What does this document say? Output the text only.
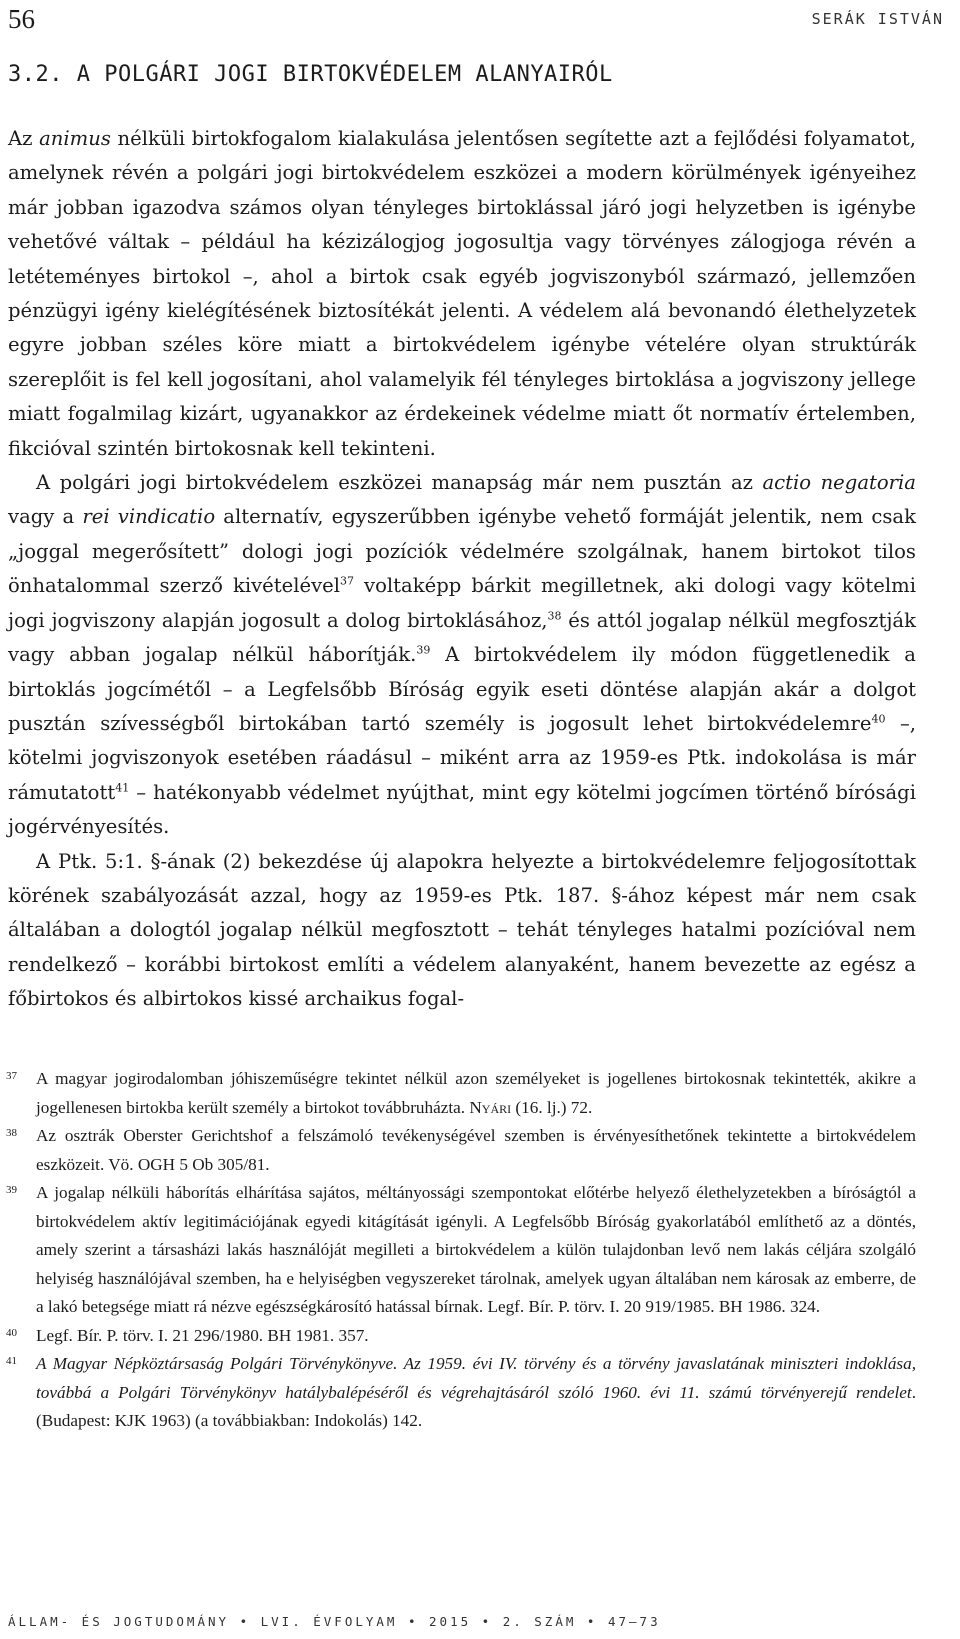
56	SERÁK ISTVÁN
3.2. A POLGÁRI JOGI BIRTOKVÉDELEM ALANYAIRÓL

Az animus nélküli birtokfogalom kialakulása jelentősen segítette azt a fejlődési folyamatot, amelynek révén a polgári jogi birtokvédelem eszközei a modern körülmények igényeihez már jobban igazodva számos olyan tényleges birtoklással járó jogi helyzetben is igénybe vehetővé váltak – például ha kézizálogjog jogosultja vagy törvényes zálogjoga révén a letéteményes birtokol –, ahol a birtok csak egyéb jogviszonyból származó, jellemzően pénzügyi igény kielégítésének biztosítékát jelenti. A védelem alá bevonandó élethelyzetek egyre jobban széles köre miatt a birtokvédelem igénybe vételére olyan struktúrák szereplőit is fel kell jogosítani, ahol valamelyik fél tényleges birtoklása a jogviszony jellege miatt fogalmilag kizárt, ugyanakkor az érdekeinek védelme miatt őt normatív értelemben, fikcióval szintén birtokosnak kell tekinteni.

A polgári jogi birtokvédelem eszközei manapság már nem pusztán az actio negatoria vagy a rei vindicatio alternatív, egyszerűbben igénybe vehető formáját jelentik, nem csak „joggal megerősített” dologi jogi pozíciók védelmére szolgálnak, hanem birtokot tilos önhatalommal szerző kivételével$^{37}$ voltaképp bárkit megilletnek, aki dologi vagy kötelmi jogi jogviszony alapján jogosult a dolog birtoklásához,$^{38}$ és attól jogalap nélkül megfosztják vagy abban jogalap nélkül háborítják.$^{39}$ A birtokvédelem ily módon függetlenedik a birtoklás jogcímétől – a Legfelsőbb Bíróság egyik eseti döntése alapján akár a dolgot pusztán szívességből birtokában tartó személy is jogosult lehet birtokvédelemre$^{40}$ –, kötelmi jogviszonyok esetében ráadásul – miként arra az 1959-es Ptk. indokolása is már rámutatott$^{41}$ – hatékonyabb védelmet nyújthat, mint egy kötelmi jogcímen történő bírósági jogérvényesítés.

A Ptk. 5:1. §-ának (2) bekezdése új alapokra helyezte a birtokvédelemre feljogosítottak körének szabályozását azzal, hogy az 1959-es Ptk. 187. §-ához képest már nem csak általában a dologtól jogalap nélkül megfosztott – tehát tényleges hatalmi pozícióval nem rendelkező – korábbi birtokost említi a védelem alanyaként, hanem bevezette az egész a főbirtokos és albirtokos kissé archaikus fogal-

37 A magyar jogirodalomban jóhiszeműségre tekintet nélkül azon személyeket is jogellenes birtokosnak tekintették, akikre a jogellenesen birtokba került személy a birtokot továbbruházta. Nyári (16. lj.) 72.
38 Az osztrák Oberster Gerichtshof a felszámoló tevékenységével szemben is érvényesíthetőnek tekintette a birtokvédelem eszközeit. Vö. OGH 5 Ob 305/81.
39 A jogalap nélküli háborítás elhárítása sajátos, méltányossági szempontokat előtérbe helyező élethelyzetekben a bíróságtól a birtokvédelem aktív legitimációjának egyedi kitágítását igényli. A Legfelsőbb Bíróság gyakorlatából említhető az a döntés, amely szerint a társasházi lakás használóját megilleti a birtokvédelem a külön tulajdonban levő nem lakás céljára szolgáló helyiség használójával szemben, ha e helyiségben vegyszereket tárolnak, amelyek ugyan általában nem károsak az emberre, de a lakó betegsége miatt rá nézve egészségkárosító hatással bírnak. Legf. Bír. P. törv. I. 20 919/1985. BH 1986. 324.
40 Legf. Bír. P. törv. I. 21 296/1980. BH 1981. 357.
41 A Magyar Népköztársaság Polgári Törvénykönyve. Az 1959. évi IV. törvény és a törvény javaslatának miniszteri indoklása, továbbá a Polgári Törvénykönyv hatálybalépéséről és végrehajtásáról szóló 1960. évi 11. számú törvényerejű rendelet. (Budapest: KJK 1963) (a továbbiakban: Indokolás) 142.
ÁLLAM- ÉS JOGTUDOMÁNY • LVI. ÉVFOLYAM • 2015 • 2. SZÁM • 47–73
